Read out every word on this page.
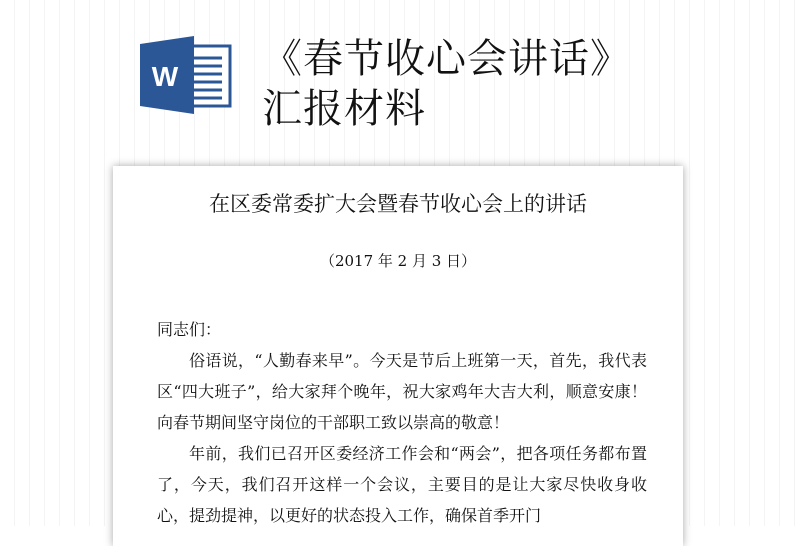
W 《春节收心会讲话》
汇报材料
在区委常委扩大会暨春节收心会上的讲话
（2017 年 2 月 3 日）

同志们：

俗语说，“人勤春来早”。今天是节后上班第一天，首先，我代表区“四大班子”，给大家拜个晚年，祝大家鸡年大吉大利，顺意安康！向春节期间坚守岗位的干部职工致以崇高的敬意！

年前，我们已召开区委经济工作会和“两会”，把各项任务都布置了，今天，我们召开这样一个会议，主要目的是让大家尽快收身收心，提劲提神，以更好的状态投入工作，确保首季开门
